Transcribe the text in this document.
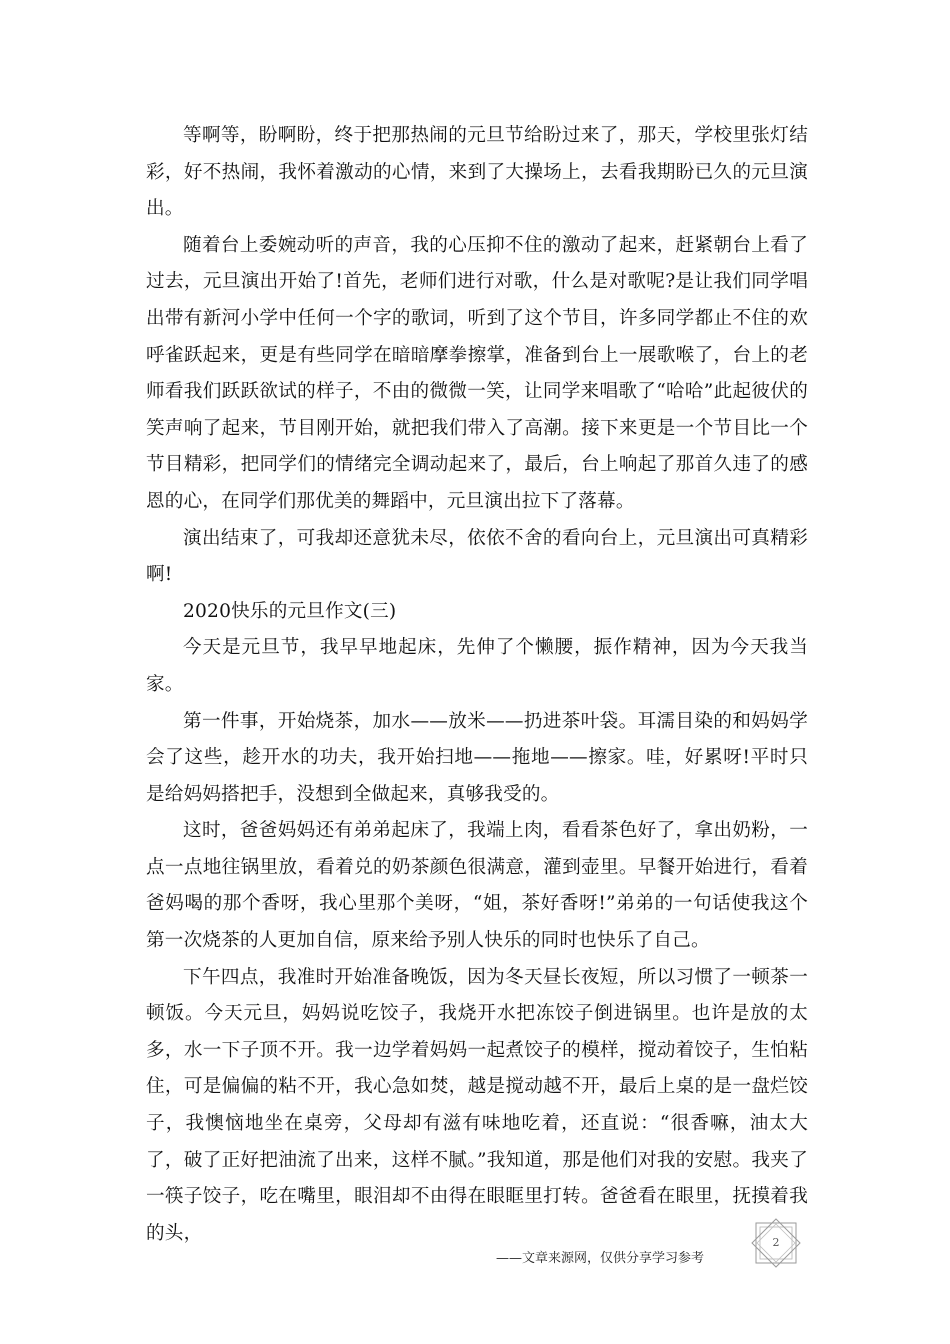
等啊等，盼啊盼，终于把那热闹的元旦节给盼过来了，那天，学校里张灯结彩，好不热闹，我怀着激动的心情，来到了大操场上，去看我期盼已久的元旦演出。

随着台上委婉动听的声音，我的心压抑不住的激动了起来，赶紧朝台上看了过去，元旦演出开始了!首先，老师们进行对歌，什么是对歌呢?是让我们同学唱出带有新河小学中任何一个字的歌词，听到了这个节目，许多同学都止不住的欢呼雀跃起来，更是有些同学在暗暗摩拳擦掌，准备到台上一展歌喉了，台上的老师看我们跃跃欲试的样子，不由的微微一笑，让同学来唱歌了“哈哈”此起彼伏的笑声响了起来，节目刚开始，就把我们带入了高潮。接下来更是一个节目比一个节目精彩，把同学们的情绪完全调动起来了，最后，台上响起了那首久违了的感恩的心，在同学们那优美的舞蹈中，元旦演出拉下了落幕。

演出结束了，可我却还意犹未尽，依依不舍的看向台上，元旦演出可真精彩啊!

2020快乐的元旦作文(三)

今天是元旦节，我早早地起床，先伸了个懒腰，振作精神，因为今天我当家。

第一件事，开始烧茶，加水——放米——扔进茶叶袋。耳濡目染的和妈妈学会了这些，趁开水的功夫，我开始扫地——拖地——擦家。哇，好累呀!平时只是给妈妈搭把手，没想到全做起来，真够我受的。

这时，爸爸妈妈还有弟弟起床了，我端上肉，看看茶色好了，拿出奶粉，一点一点地往锅里放，看着兑的奶茶颜色很满意，灌到壶里。早餐开始进行，看着爸妈喝的那个香呀，我心里那个美呀，“姐，茶好香呀!”弟弟的一句话使我这个第一次烧茶的人更加自信，原来给予别人快乐的同时也快乐了自己。

下午四点，我准时开始准备晚饭，因为冬天昼长夜短，所以习惯了一顿茶一顿饭。今天元旦，妈妈说吃饺子，我烧开水把冻饺子倒进锅里。也许是放的太多，水一下子顶不开。我一边学着妈妈一起煮饺子的模样，搅动着饺子，生怕粘住，可是偏偏的粘不开，我心急如焚，越是搅动越不开，最后上桌的是一盘烂饺子，我懊恼地坐在桌旁，父母却有滋有味地吃着，还直说：“很香嘛，油太大了，破了正好把油流了出来，这样不腻。”我知道，那是他们对我的安慰。我夹了一筷子饺子，吃在嘴里，眼泪却不由得在眼眶里打转。爸爸看在眼里，抚摸着我的头，

——文章来源网，仅供分享学习参考
2
